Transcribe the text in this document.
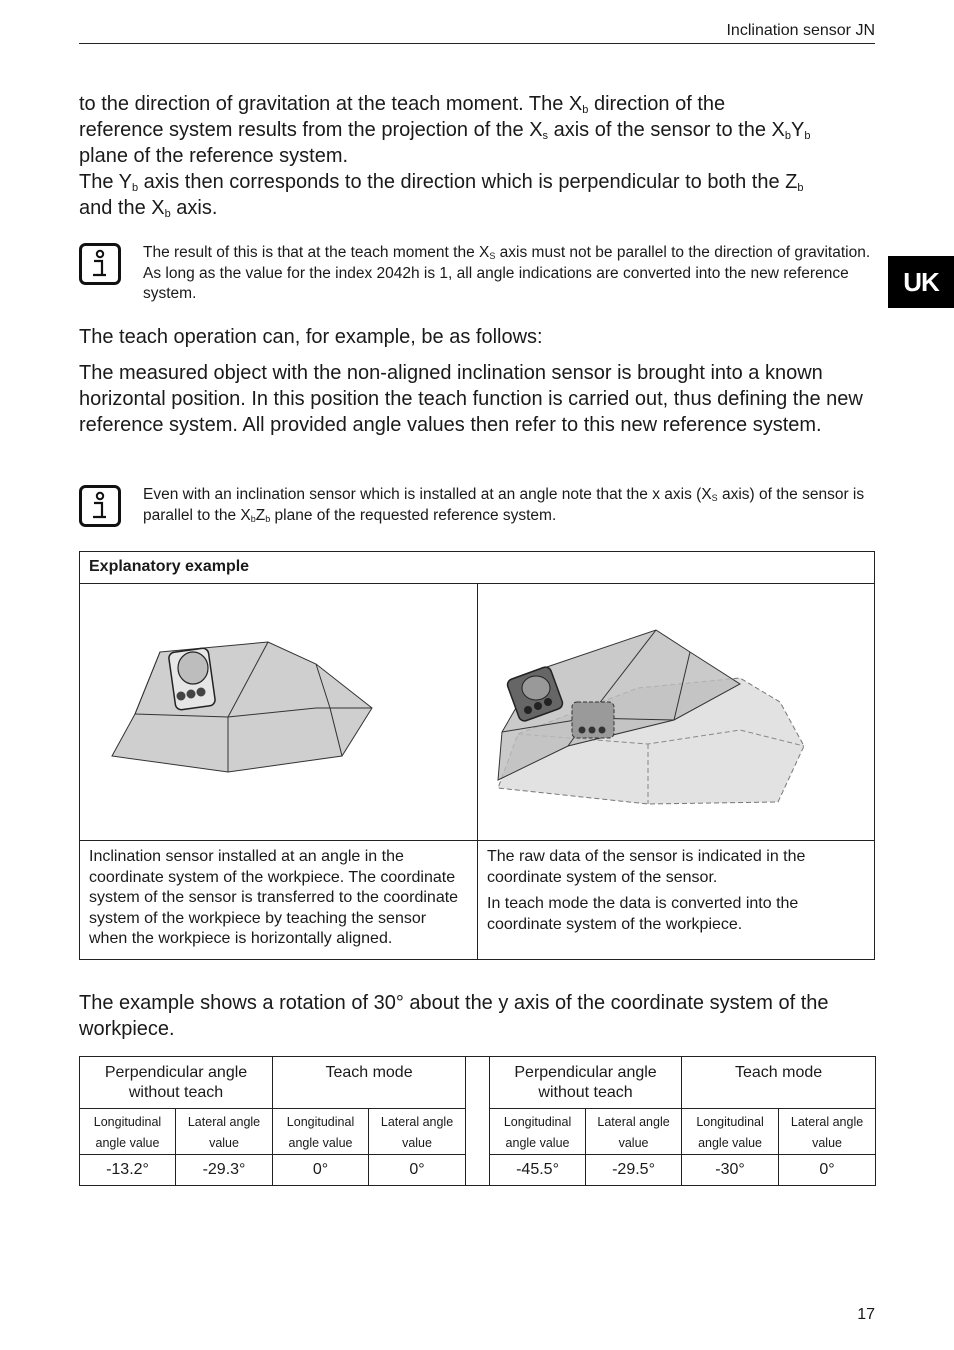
Inclination sensor JN
UK

to the direction of gravitation at the teach moment. The $X_b$ direction of the
reference system results from the projection of the $X_s$ axis of the sensor to the $X_bY_b$
plane of the reference system.
The $Y_b$ axis then corresponds to the direction which is perpendicular to both the $Z_b$
and the $X_b$ axis.

The result of this is that at the teach moment the $X_S$ axis must not be parallel to the direction of gravitation. As long as the value for the index 2042h is 1, all angle indications are converted into the new reference system.

The teach operation can, for example, be as follows:

The measured object with the non-aligned inclination sensor is brought into a known horizontal position. In this position the teach function is carried out, thus defining the new reference system. All provided angle values then refer to this new reference system.

Even with an inclination sensor which is installed at an angle note that the x axis ($X_S$ axis) of the sensor is parallel to the $X_bZ_b$ plane of the requested reference system.
Explanatory example	

Inclination sensor installed at an angle in the coordinate system of the workpiece. The coordinate system of the sensor is transferred to the coordinate system of the workpiece by teaching the sensor when the workpiece is horizontally aligned.	The raw data of the sensor is indicated in the coordinate system of the sensor.

In teach mode the data is converted into the coordinate system of the workpiece.

The example shows a rotation of 30° about the y axis of the coordinate system of the workpiece.

Perpendicular angle without teach		Teach mode			Perpendicular angle without teach		Teach mode	
Longitudinal angle value	Lateral angle value	Longitudinal angle value	Lateral angle value		Longitudinal angle value	Lateral angle value	Longitudinal angle value	Lateral angle value
-13.2°	-29.3°	0°	0°		-45.5°	-29.5°	-30°	0°
17
